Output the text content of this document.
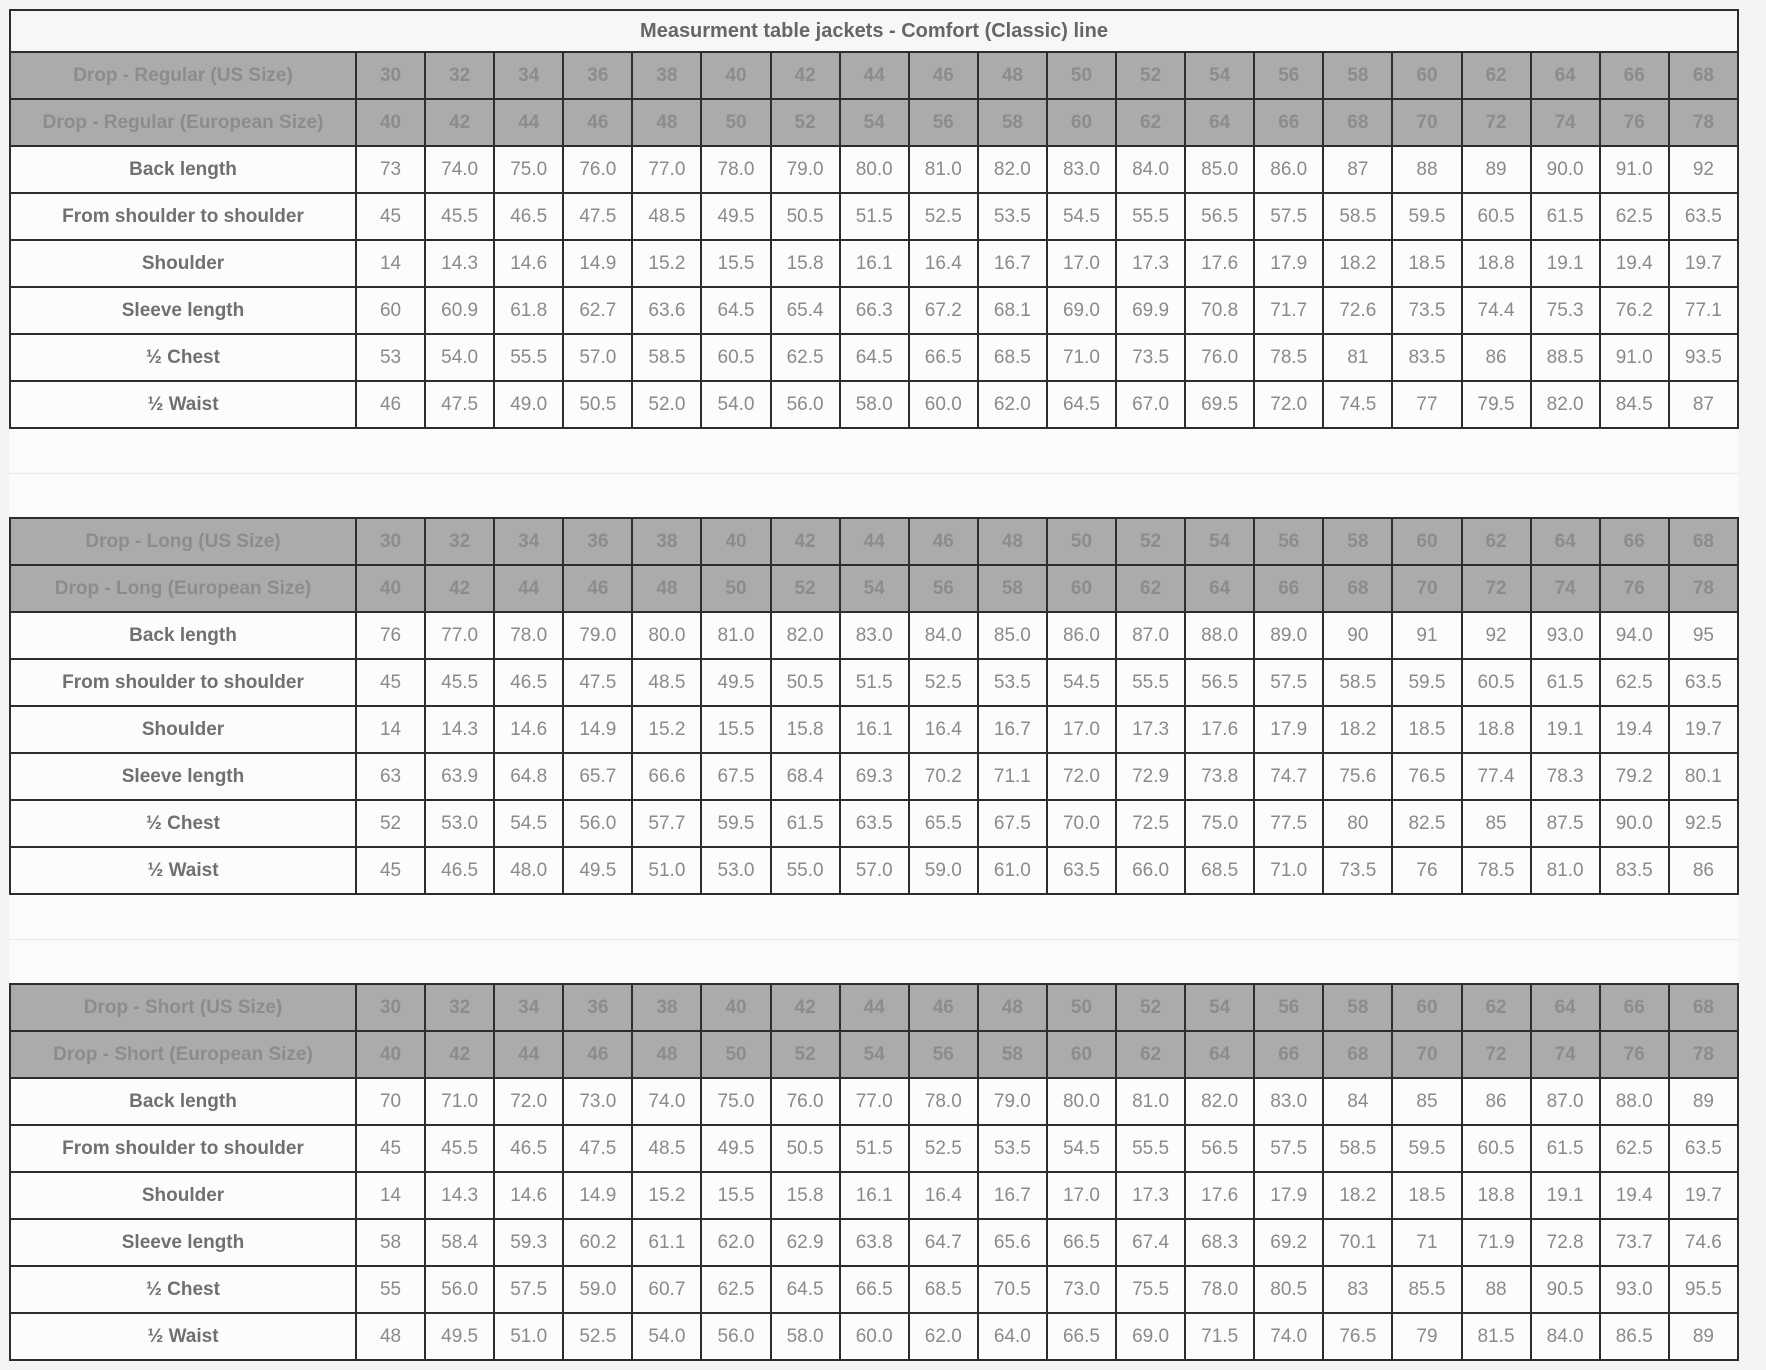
Measurment table jackets - Comfort (Classic) line
Drop - Regular (US Size)	30	32	34	36	38	40	42	44	46	48	50	52	54	56	58	60	62	64	66	68
Drop - Regular (European Size)	40	42	44	46	48	50	52	54	56	58	60	62	64	66	68	70	72	74	76	78
Back length	73	74.0	75.0	76.0	77.0	78.0	79.0	80.0	81.0	82.0	83.0	84.0	85.0	86.0	87	88	89	90.0	91.0	92
From shoulder to shoulder	45	45.5	46.5	47.5	48.5	49.5	50.5	51.5	52.5	53.5	54.5	55.5	56.5	57.5	58.5	59.5	60.5	61.5	62.5	63.5
Shoulder	14	14.3	14.6	14.9	15.2	15.5	15.8	16.1	16.4	16.7	17.0	17.3	17.6	17.9	18.2	18.5	18.8	19.1	19.4	19.7
Sleeve length	60	60.9	61.8	62.7	63.6	64.5	65.4	66.3	67.2	68.1	69.0	69.9	70.8	71.7	72.6	73.5	74.4	75.3	76.2	77.1
½ Chest	53	54.0	55.5	57.0	58.5	60.5	62.5	64.5	66.5	68.5	71.0	73.5	76.0	78.5	81	83.5	86	88.5	91.0	93.5
½ Waist	46	47.5	49.0	50.5	52.0	54.0	56.0	58.0	60.0	62.0	64.5	67.0	69.5	72.0	74.5	77	79.5	82.0	84.5	87
Drop - Long (US Size)	30	32	34	36	38	40	42	44	46	48	50	52	54	56	58	60	62	64	66	68
Drop - Long (European Size)	40	42	44	46	48	50	52	54	56	58	60	62	64	66	68	70	72	74	76	78
Back length	76	77.0	78.0	79.0	80.0	81.0	82.0	83.0	84.0	85.0	86.0	87.0	88.0	89.0	90	91	92	93.0	94.0	95
From shoulder to shoulder	45	45.5	46.5	47.5	48.5	49.5	50.5	51.5	52.5	53.5	54.5	55.5	56.5	57.5	58.5	59.5	60.5	61.5	62.5	63.5
Shoulder	14	14.3	14.6	14.9	15.2	15.5	15.8	16.1	16.4	16.7	17.0	17.3	17.6	17.9	18.2	18.5	18.8	19.1	19.4	19.7
Sleeve length	63	63.9	64.8	65.7	66.6	67.5	68.4	69.3	70.2	71.1	72.0	72.9	73.8	74.7	75.6	76.5	77.4	78.3	79.2	80.1
½ Chest	52	53.0	54.5	56.0	57.7	59.5	61.5	63.5	65.5	67.5	70.0	72.5	75.0	77.5	80	82.5	85	87.5	90.0	92.5
½ Waist	45	46.5	48.0	49.5	51.0	53.0	55.0	57.0	59.0	61.0	63.5	66.0	68.5	71.0	73.5	76	78.5	81.0	83.5	86
Drop - Short (US Size)	30	32	34	36	38	40	42	44	46	48	50	52	54	56	58	60	62	64	66	68
Drop - Short (European Size)	40	42	44	46	48	50	52	54	56	58	60	62	64	66	68	70	72	74	76	78
Back length	70	71.0	72.0	73.0	74.0	75.0	76.0	77.0	78.0	79.0	80.0	81.0	82.0	83.0	84	85	86	87.0	88.0	89
From shoulder to shoulder	45	45.5	46.5	47.5	48.5	49.5	50.5	51.5	52.5	53.5	54.5	55.5	56.5	57.5	58.5	59.5	60.5	61.5	62.5	63.5
Shoulder	14	14.3	14.6	14.9	15.2	15.5	15.8	16.1	16.4	16.7	17.0	17.3	17.6	17.9	18.2	18.5	18.8	19.1	19.4	19.7
Sleeve length	58	58.4	59.3	60.2	61.1	62.0	62.9	63.8	64.7	65.6	66.5	67.4	68.3	69.2	70.1	71	71.9	72.8	73.7	74.6
½ Chest	55	56.0	57.5	59.0	60.7	62.5	64.5	66.5	68.5	70.5	73.0	75.5	78.0	80.5	83	85.5	88	90.5	93.0	95.5
½ Waist	48	49.5	51.0	52.5	54.0	56.0	58.0	60.0	62.0	64.0	66.5	69.0	71.5	74.0	76.5	79	81.5	84.0	86.5	89
